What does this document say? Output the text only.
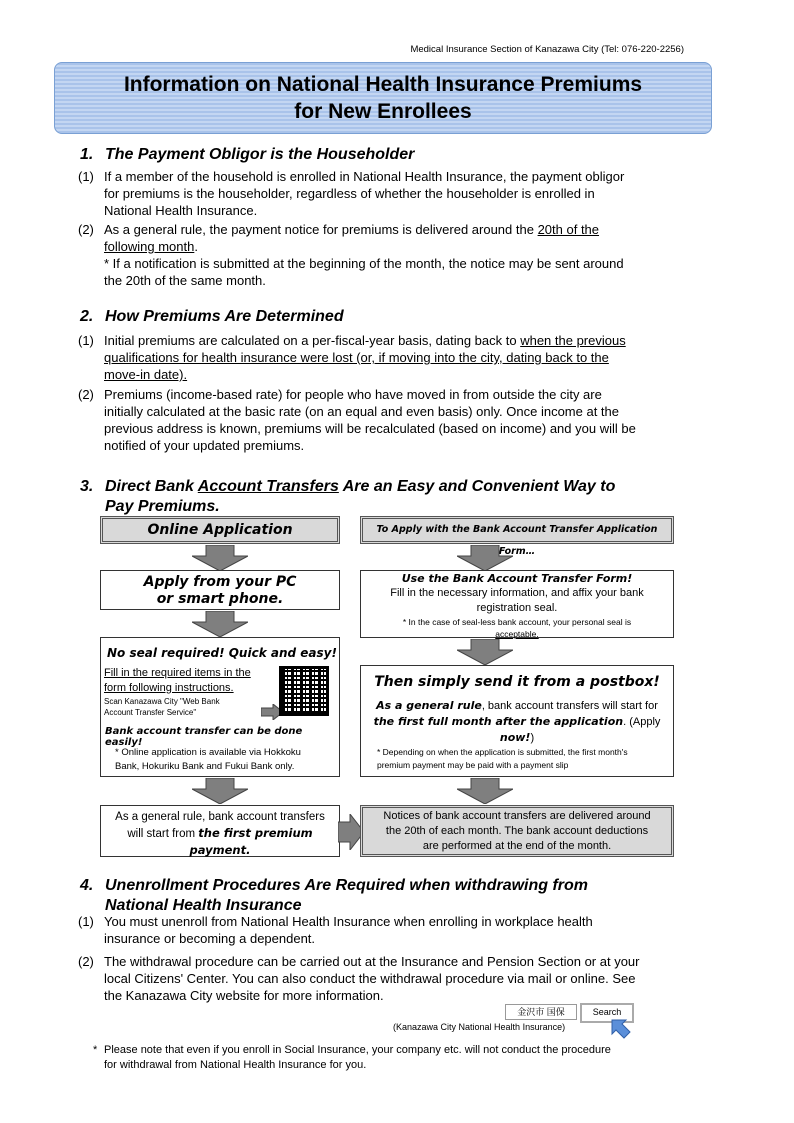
Medical Insurance Section of Kanazawa City (Tel: 076-220-2256)
Information on National Health Insurance Premiums
for New Enrollees
1. The Payment Obligor is the Householder
(1) If a member of the household is enrolled in National Health Insurance, the payment obligor
for premiums is the householder, regardless of whether the householder is enrolled in
National Health Insurance.
(2) As a general rule, the payment notice for premiums is delivered around the 20th of the
following month.
* If a notification is submitted at the beginning of the month, the notice may be sent around
the 20th of the same month.
2. How Premiums Are Determined
(1) Initial premiums are calculated on a per-fiscal-year basis, dating back to when the previous
qualifications for health insurance were lost (or, if moving into the city, dating back to the
move-in date).
(2) Premiums (income-based rate) for people who have moved in from outside the city are
initially calculated at the basic rate (on an equal and even basis) only. Once income at the
previous address is known, premiums will be recalculated (based on income) and you will be
notified of your updated premiums.
3. Direct Bank Account Transfers Are an Easy and Convenient Way to
Pay Premiums.
Online Application
Apply from your PC
or smart phone.
No seal required! Quick and easy!
Fill in the required items in the
form following instructions.
Scan Kanazawa City "Web Bank
Account Transfer Service"
Bank account transfer can be done easily!
* Online application is available via Hokkoku
Bank, Hokuriku Bank and Fukui Bank only.
As a general rule, bank account transfers
will start from the first premium
payment.
To Apply with the Bank Account Transfer Application Form…
Use the Bank Account Transfer Form!
Fill in the necessary information, and affix your bank
registration seal.
* In the case of seal-less bank account, your personal seal is
acceptable.
Then simply send it from a postbox!
As a general rule, bank account transfers will start for
the first full month after the application. (Apply
now!)
* Depending on when the application is submitted, the first month's
premium payment may be paid with a payment slip
Notices of bank account transfers are delivered around
the 20th of each month. The bank account deductions
are performed at the end of the month.
4. Unenrollment Procedures Are Required when withdrawing from
National Health Insurance
(1) You must unenroll from National Health Insurance when enrolling in workplace health
insurance or becoming a dependent.
(2) The withdrawal procedure can be carried out at the Insurance and Pension Section or at your
local Citizens' Center. You can also conduct the withdrawal procedure via mail or online. See
the Kanazawa City website for more information.
金沢市 国保	Search
(Kanazawa City National Health Insurance)
* Please note that even if you enroll in Social Insurance, your company etc. will not conduct the procedure
for withdrawal from National Health Insurance for you.
